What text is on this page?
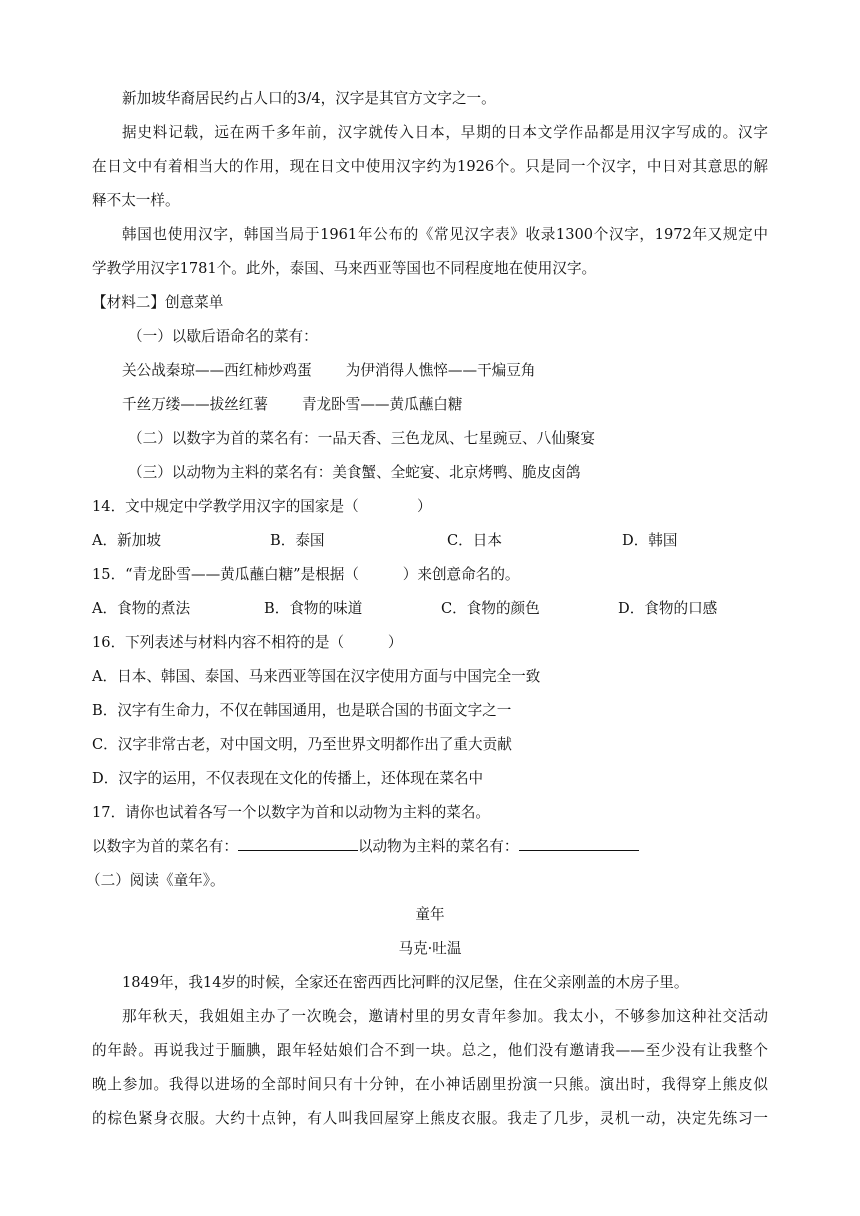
新加坡华裔居民约占人口的3/4，汉字是其官方文字之一。
据史料记载，远在两千多年前，汉字就传入日本，早期的日本文学作品都是用汉字写成的。汉字
在日文中有着相当大的作用，现在日文中使用汉字约为1926个。只是同一个汉字，中日对其意思的解
释不太一样。
韩国也使用汉字，韩国当局于1961年公布的《常见汉字表》收录1300个汉字，1972年又规定中
学教学用汉字1781个。此外，泰国、马来西亚等国也不同程度地在使用汉字。
【材料二】创意菜单
（一）以歇后语命名的菜有：
关公战秦琼——西红柿炒鸡蛋 为伊消得人憔悴——干煸豆角
千丝万缕——拔丝红薯 青龙卧雪——黄瓜蘸白糖
（二）以数字为首的菜名有：一品天香、三色龙凤、七星豌豆、八仙聚宴
（三）以动物为主料的菜名有：美食蟹、全蛇宴、北京烤鸭、脆皮卤鸽
14．文中规定中学教学用汉字的国家是（　　　　）
A．新加坡	B．泰国	C．日本	D．韩国
15．“青龙卧雪——黄瓜蘸白糖”是根据（　　　）来创意命名的。
A．食物的煮法	B．食物的味道	C．食物的颜色	D．食物的口感
16．下列表述与材料内容不相符的是（　　　）
A．日本、韩国、泰国、马来西亚等国在汉字使用方面与中国完全一致
B．汉字有生命力，不仅在韩国通用，也是联合国的书面文字之一
C．汉字非常古老，对中国文明，乃至世界文明都作出了重大贡献
D．汉字的运用，不仅表现在文化的传播上，还体现在菜名中
17．请你也试着各写一个以数字为首和以动物为主料的菜名。
以数字为首的菜名有：	以动物为主料的菜名有：
（二）阅读《童年》。
童年
马克·吐温
1849年，我14岁的时候，全家还在密西西比河畔的汉尼堡，住在父亲刚盖的木房子里。
那年秋天，我姐姐主办了一次晚会，邀请村里的男女青年参加。我太小，不够参加这种社交活动
的年龄。再说我过于腼腆，跟年轻姑娘们合不到一块。总之，他们没有邀请我——至少没有让我整个
晚上参加。我得以进场的全部时间只有十分钟，在小神话剧里扮演一只熊。演出时，我得穿上熊皮似
的棕色紧身衣服。大约十点钟，有人叫我回屋穿上熊皮衣服。我走了几步，灵机一动，决定先练习一
